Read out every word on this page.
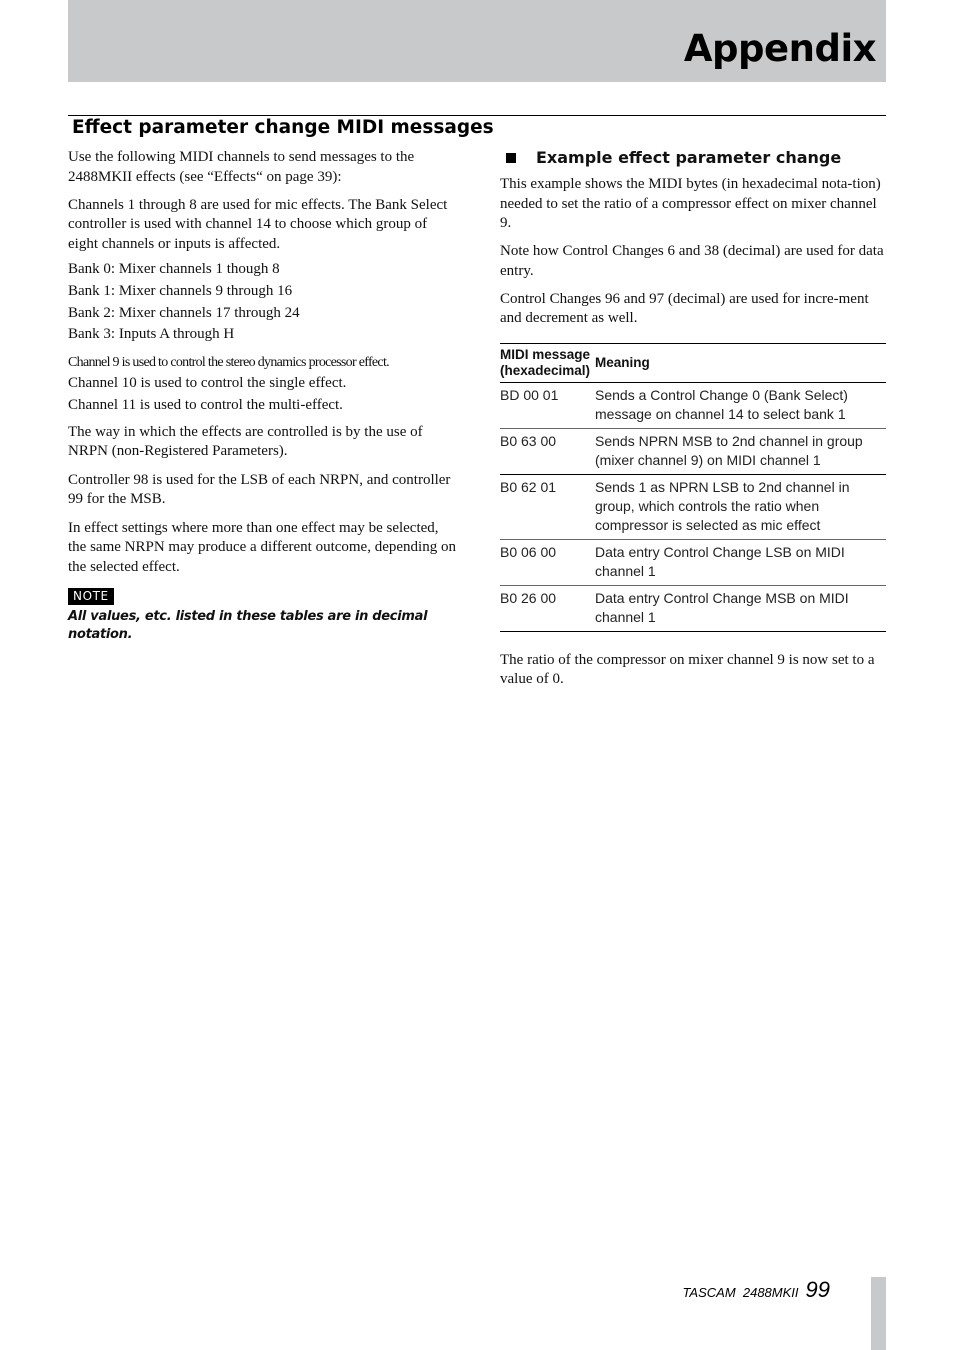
Appendix
Effect parameter change MIDI messages

Use the following MIDI channels to send messages to the 2488MKII effects (see “Effects“ on page 39):

Channels 1 through 8 are used for mic effects. The Bank Select controller is used with channel 14 to choose which group of eight channels or inputs is affected.

Bank 0: Mixer channels 1 though 8

Bank 1: Mixer channels 9 through 16

Bank 2: Mixer channels 17 through 24

Bank 3: Inputs A through H

Channel 9 is used to control the stereo dynamics processor effect.

Channel 10 is used to control the single effect.

Channel 11 is used to control the multi-effect.

The way in which the effects are controlled is by the use of NRPN (non-Registered Parameters).

Controller 98 is used for the LSB of each NRPN, and controller 99 for the MSB.

In effect settings where more than one effect may be selected, the same NRPN may produce a different outcome, depending on the selected effect.

NOTE
All values, etc. listed in these tables are in decimal notation.
Example effect parameter change

This example shows the MIDI bytes (in hexadecimal nota-tion) needed to set the ratio of a compressor effect on mixer channel 9.

Note how Control Changes 6 and 38 (decimal) are used for data entry.

Control Changes 96 and 97 (decimal) are used for incre-ment and decrement as well.

MIDI message
(hexadecimal)	Meaning
BD 00 01	Sends a Control Change 0 (Bank Select) message on channel 14 to select bank 1
B0 63 00	Sends NPRN MSB to 2nd channel in group (mixer channel 9) on MIDI channel 1
B0 62 01	Sends 1 as NPRN LSB to 2nd channel in group, which controls the ratio when compressor is selected as mic effect
B0 06 00	Data entry Control Change LSB on MIDI channel 1
B0 26 00	Data entry Control Change MSB on MIDI channel 1

The ratio of the compressor on mixer channel 9 is now set to a value of 0.

TASCAM  2488MKII 99
